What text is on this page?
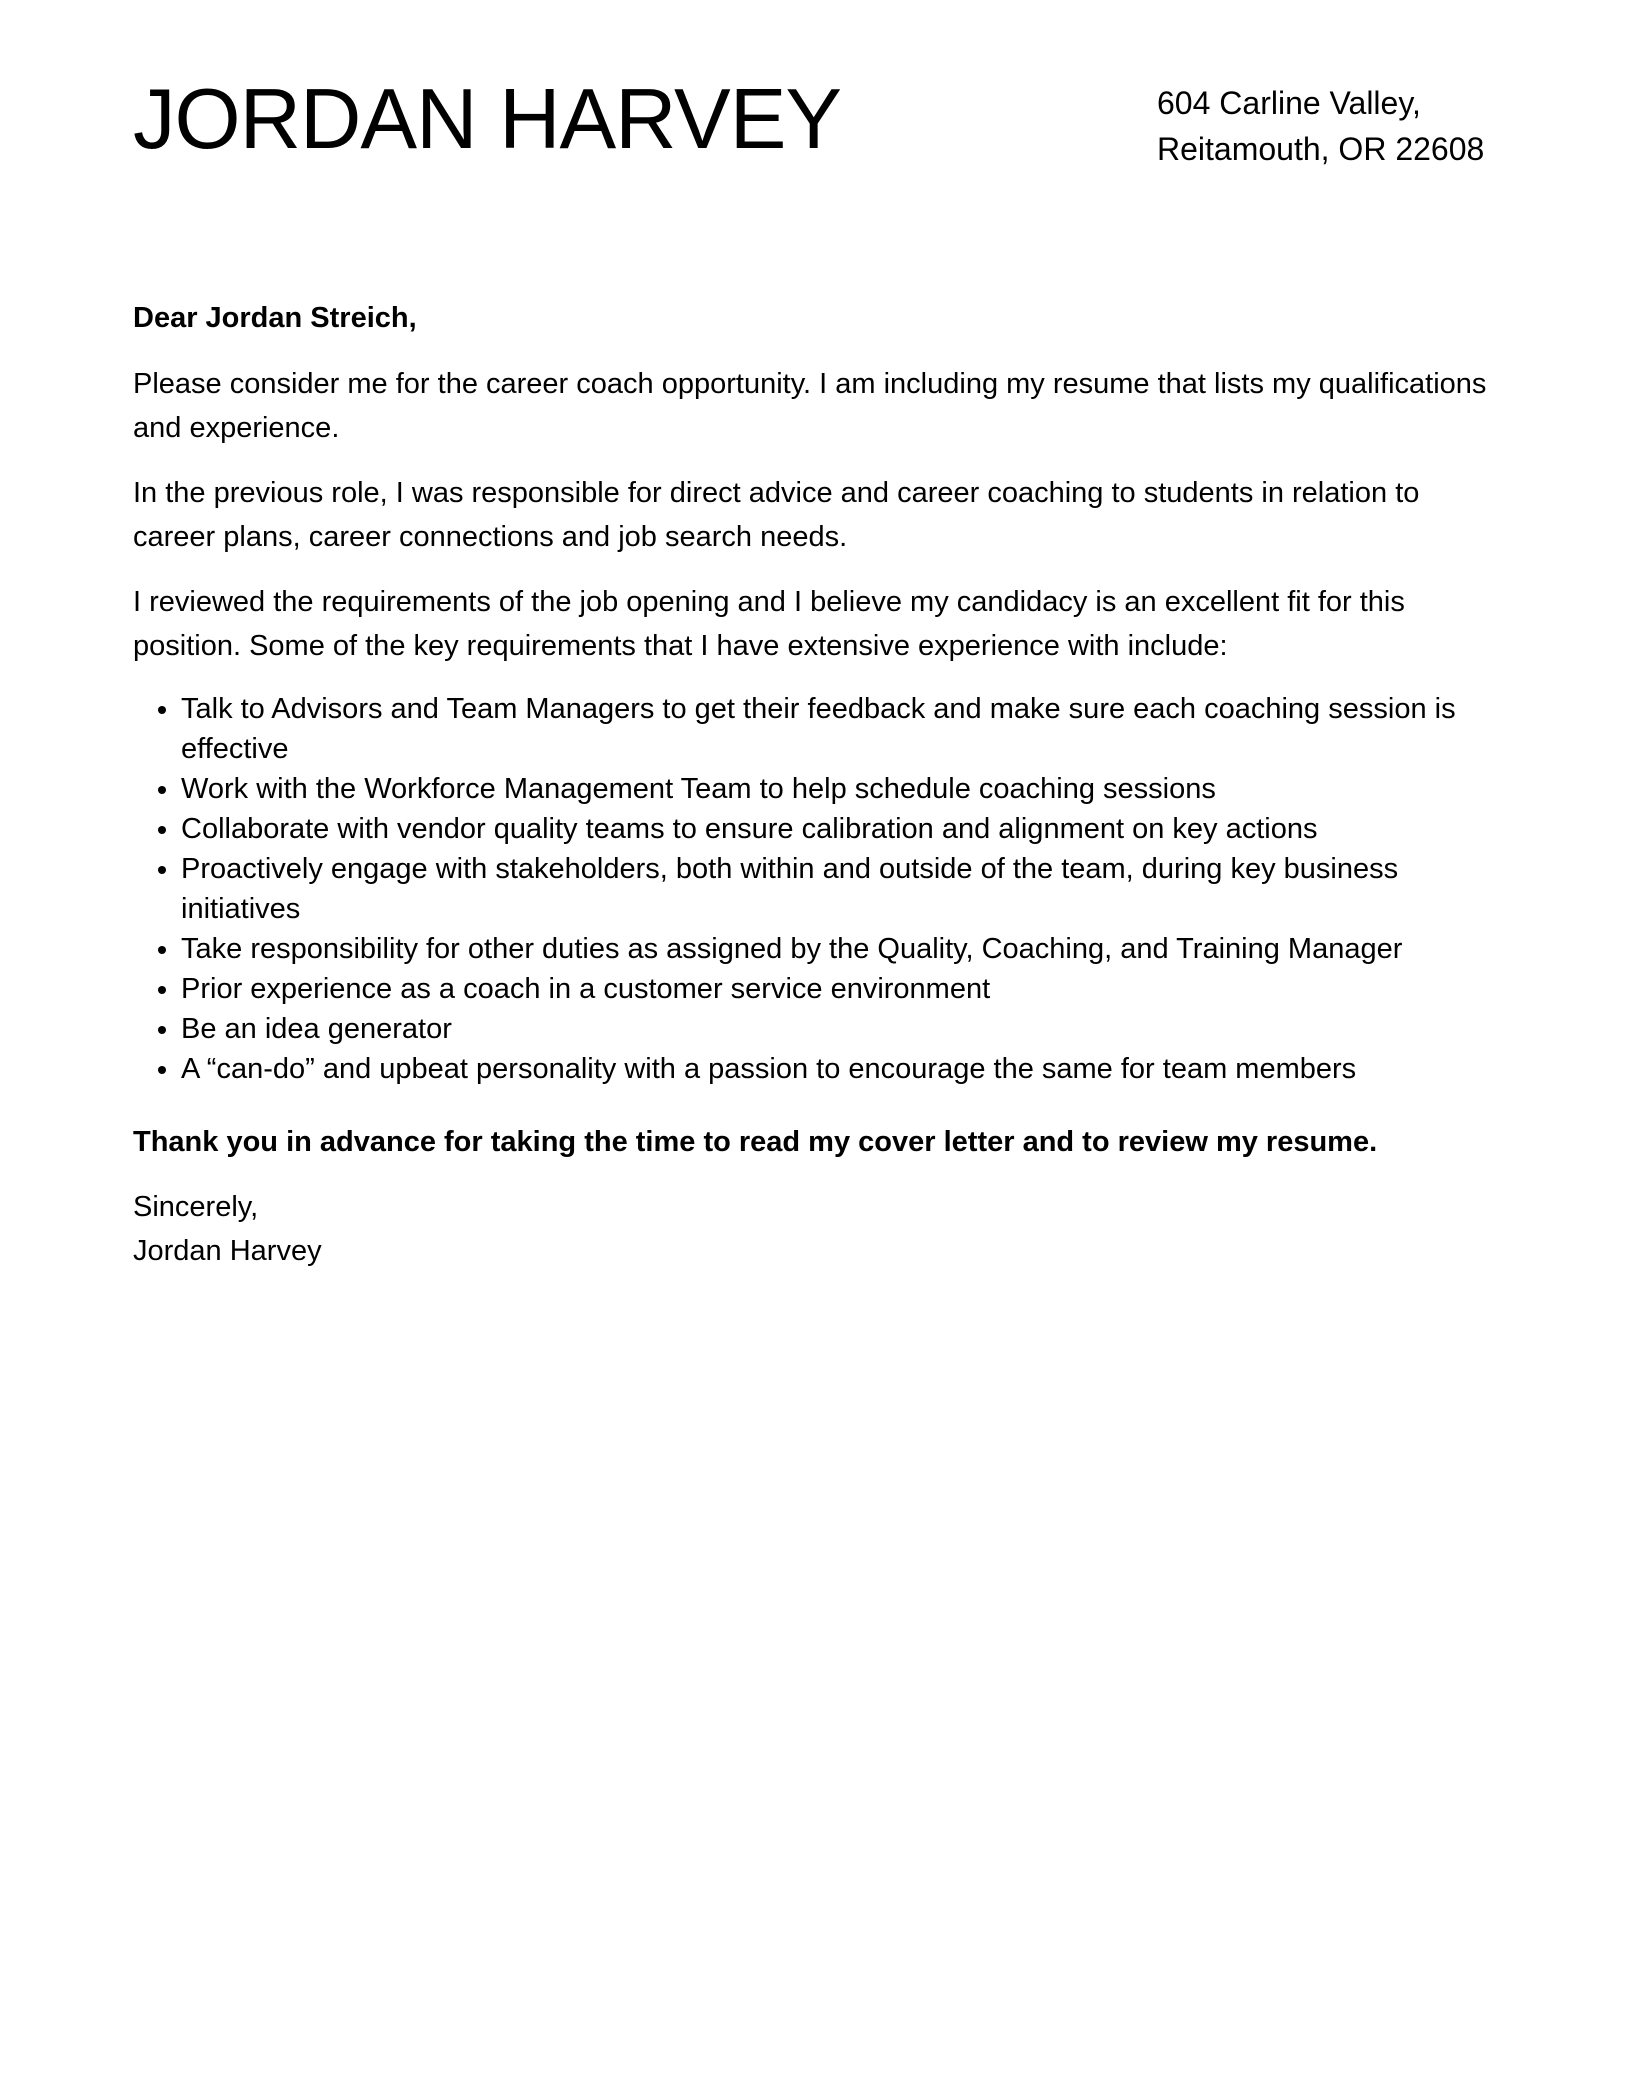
JORDAN HARVEY	604 Carline Valley,
Reitamouth, OR 22608

Dear Jordan Streich,

Please consider me for the career coach opportunity. I am including my resume that lists my qualifications and experience.

In the previous role, I was responsible for direct advice and career coaching to students in relation to career plans, career connections and job search needs.

I reviewed the requirements of the job opening and I believe my candidacy is an excellent fit for this position. Some of the key requirements that I have extensive experience with include:

• Talk to Advisors and Team Managers to get their feedback and make sure each coaching session is effective
• Work with the Workforce Management Team to help schedule coaching sessions
• Collaborate with vendor quality teams to ensure calibration and alignment on key actions
• Proactively engage with stakeholders, both within and outside of the team, during key business initiatives
• Take responsibility for other duties as assigned by the Quality, Coaching, and Training Manager
• Prior experience as a coach in a customer service environment
• Be an idea generator
• A “can-do” and upbeat personality with a passion to encourage the same for team members

Thank you in advance for taking the time to read my cover letter and to review my resume.

Sincerely,

Jordan Harvey
